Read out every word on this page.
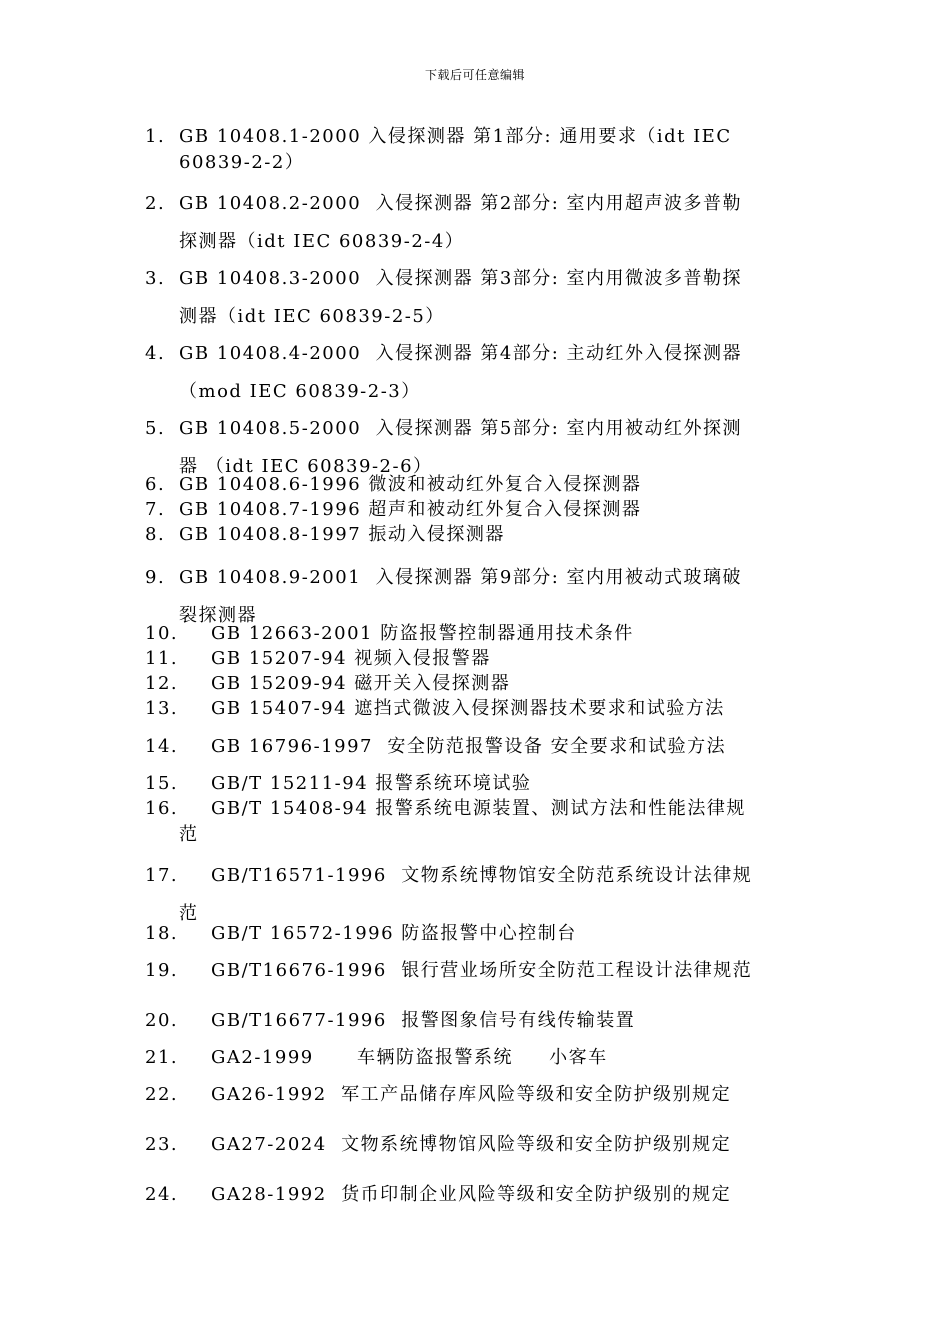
下载后可任意编辑
1. GB 10408.1-2000 入侵探测器 第1部分: 通用要求（idt IEC
60839-2-2）
2. GB 10408.2-2000  入侵探测器 第2部分: 室内用超声波多普勒
探测器（idt IEC 60839-2-4）
3. GB 10408.3-2000  入侵探测器 第3部分: 室内用微波多普勒探
测器（idt IEC 60839-2-5）
4. GB 10408.4-2000  入侵探测器 第4部分: 主动红外入侵探测器
（mod IEC 60839-2-3）
5. GB 10408.5-2000  入侵探测器 第5部分: 室内用被动红外探测
器 （idt IEC 60839-2-6）
6. GB 10408.6-1996 微波和被动红外复合入侵探测器
7. GB 10408.7-1996 超声和被动红外复合入侵探测器
8. GB 10408.8-1997 振动入侵探测器
9. GB 10408.9-2001  入侵探测器 第9部分: 室内用被动式玻璃破
裂探测器
10. GB 12663-2001 防盗报警控制器通用技术条件
11. GB 15207-94 视频入侵报警器
12. GB 15209-94 磁开关入侵探测器
13. GB 15407-94 遮挡式微波入侵探测器技术要求和试验方法
14. GB 16796-1997  安全防范报警设备 安全要求和试验方法
15. GB/T 15211-94 报警系统环境试验
16. GB/T 15408-94 报警系统电源装置、测试方法和性能法律规
范
17. GB/T16571-1996  文物系统博物馆安全防范系统设计法律规
范
18. GB/T 16572-1996 防盗报警中心控制台
19. GB/T16676-1996  银行营业场所安全防范工程设计法律规范
20. GB/T16677-1996  报警图象信号有线传输装置
21. GA2-1999      车辆防盗报警系统     小客车
22. GA26-1992  军工产品储存库风险等级和安全防护级别规定
23. GA27-2024  文物系统博物馆风险等级和安全防护级别规定
24. GA28-1992  货币印制企业风险等级和安全防护级别的规定
